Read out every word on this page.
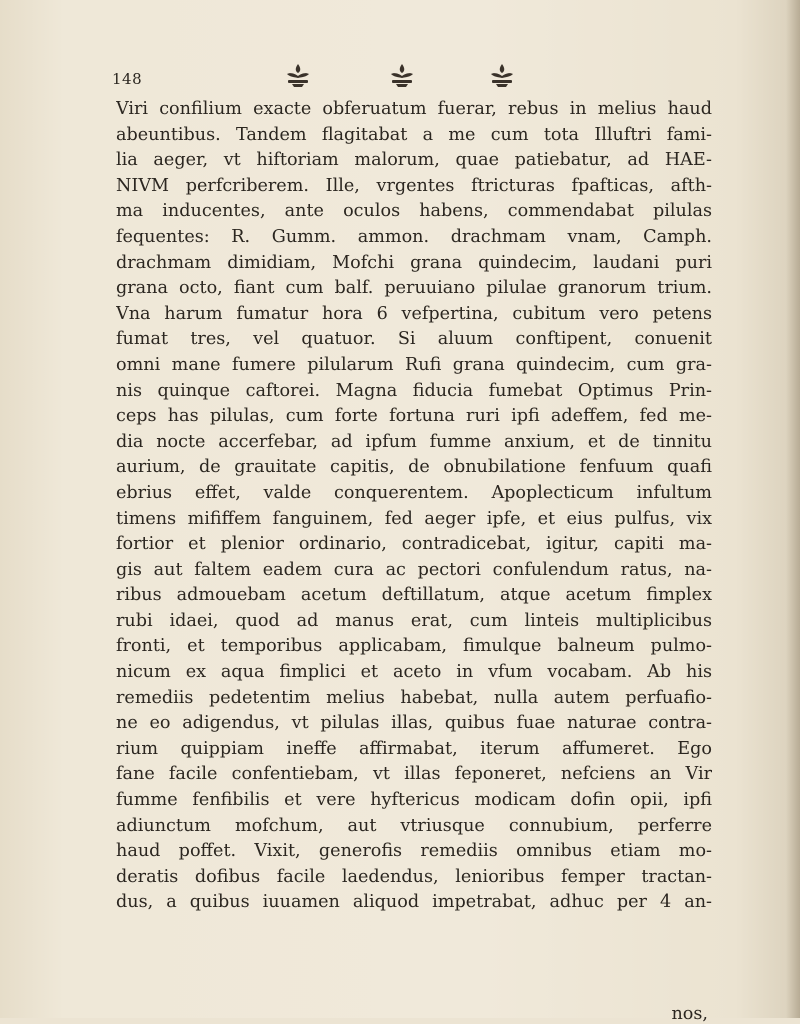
148
Viri confilium exacte obferuatum fuerar, rebus in melius haud
abeuntibus. Tandem flagitabat a me cum tota Illuftri fami-
lia aeger, vt hiftoriam malorum, quae patiebatur, ad HAE-
NIVM perfcriberem. Ille, vrgentes ftricturas fpafticas, afth-
ma inducentes, ante oculos habens, commendabat pilulas
fequentes: R. Gumm. ammon. drachmam vnam, Camph.
drachmam dimidiam, Mofchi grana quindecim, laudani puri
grana octo, fiant cum balf. peruuiano pilulae granorum trium.
Vna harum fumatur hora 6 vefpertina, cubitum vero petens
fumat tres, vel quatuor. Si aluum conftipent, conuenit
omni mane fumere pilularum Rufi grana quindecim, cum gra-
nis quinque caftorei. Magna fiducia fumebat Optimus Prin-
ceps has pilulas, cum forte fortuna ruri ipfi adeffem, fed me-
dia nocte accerfebar, ad ipfum fumme anxium, et de tinnitu
aurium, de grauitate capitis, de obnubilatione fenfuum quafi
ebrius effet, valde conquerentem. Apoplecticum infultum
timens mififfem fanguinem, fed aeger ipfe, et eius pulfus, vix
fortior et plenior ordinario, contradicebat, igitur, capiti ma-
gis aut faltem eadem cura ac pectori confulendum ratus, na-
ribus admouebam acetum deftillatum, atque acetum fimplex
rubi idaei, quod ad manus erat, cum linteis multiplicibus
fronti, et temporibus applicabam, fimulque balneum pulmo-
nicum ex aqua fimplici et aceto in vfum vocabam. Ab his
remediis pedetentim melius habebat, nulla autem perfuafio-
ne eo adigendus, vt pilulas illas, quibus fuae naturae contra-
rium quippiam ineffe affirmabat, iterum affumeret. Ego
fane facile confentiebam, vt illas feponeret, nefciens an Vir
fumme fenfibilis et vere hyftericus modicam dofin opii, ipfi
adiunctum mofchum, aut vtriusque connubium, perferre
haud poffet. Vixit, generofis remediis omnibus etiam mo-
deratis dofibus facile laedendus, lenioribus femper tractan-
dus, a quibus iuuamen aliquod impetrabat, adhuc per 4 an-
nos,
